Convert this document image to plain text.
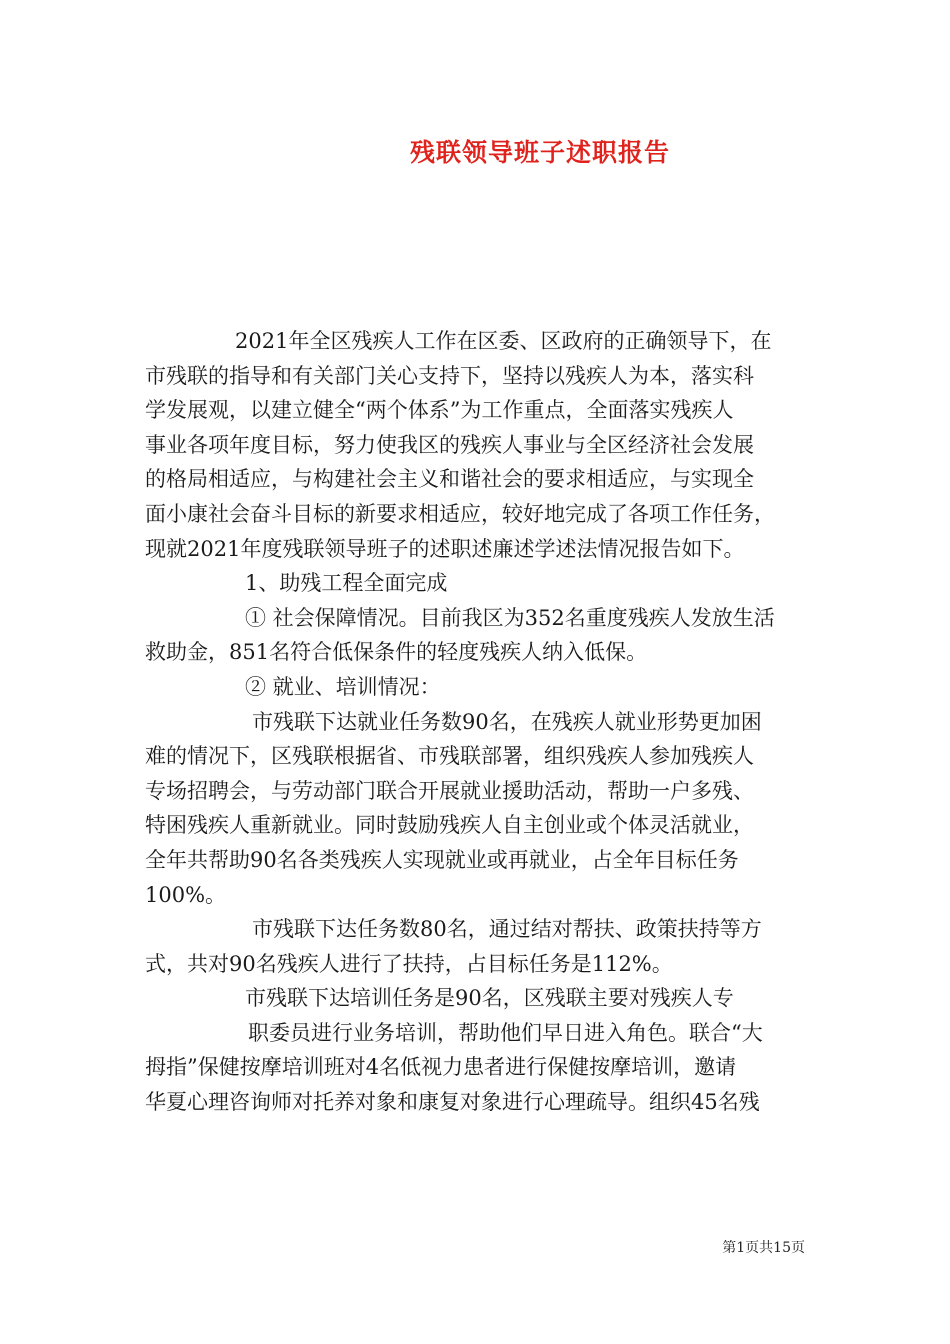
残联领导班子述职报告
2021年全区残疾人工作在区委、区政府的正确领导下，在
市残联的指导和有关部门关心支持下，坚持以残疾人为本，落实科
学发展观，以建立健全“两个体系”为工作重点，全面落实残疾人
事业各项年度目标，努力使我区的残疾人事业与全区经济社会发展
的格局相适应，与构建社会主义和谐社会的要求相适应，与实现全
面小康社会奋斗目标的新要求相适应，较好地完成了各项工作任务，
现就2021年度残联领导班子的述职述廉述学述法情况报告如下。
1、助残工程全面完成
① 社会保障情况。目前我区为352名重度残疾人发放生活
救助金，851名符合低保条件的轻度残疾人纳入低保。
② 就业、培训情况：
市残联下达就业任务数90名，在残疾人就业形势更加困
难的情况下，区残联根据省、市残联部署，组织残疾人参加残疾人
专场招聘会，与劳动部门联合开展就业援助活动，帮助一户多残、
特困残疾人重新就业。同时鼓励残疾人自主创业或个体灵活就业，
全年共帮助90名各类残疾人实现就业或再就业，占全年目标任务
100%。
市残联下达任务数80名，通过结对帮扶、政策扶持等方
式，共对90名残疾人进行了扶持，占目标任务是112%。
市残联下达培训任务是90名，区残联主要对残疾人专
职委员进行业务培训，帮助他们早日进入角色。联合“大
拇指”保健按摩培训班对4名低视力患者进行保健按摩培训，邀请
华夏心理咨询师对托养对象和康复对象进行心理疏导。组织45名残
第1页共15页
